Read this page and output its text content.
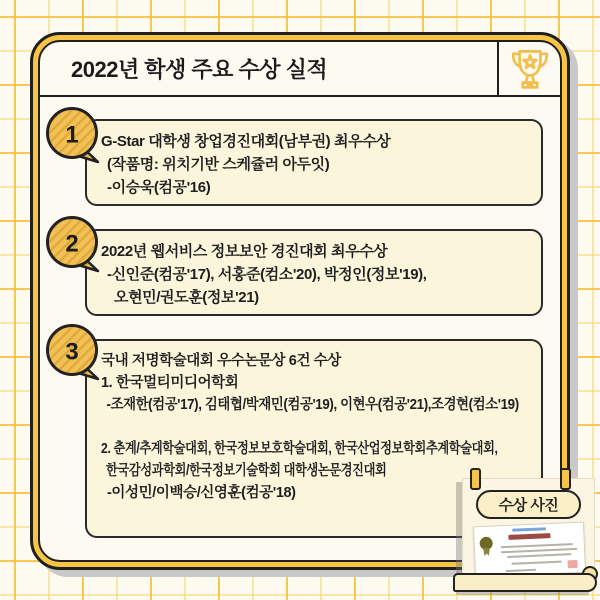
2022년 학생 주요 수상 실적
1 G-Star 대학생 창업경진대회(남부권) 최우수상
(작품명: 위치기반 스케쥴러 아두잇)
-이승욱(컴공'16)
2 2022년 웹서비스 정보보안 경진대회 최우수상
-신인준(컴공'17), 서홍준(컴소'20), 박정인(정보'19),
오현민/권도훈(정보'21)
3 국내 저명학술대회 우수논문상 6건 수상
1. 한국멀티미디어학회
-조재한(컴공'17), 김태협/박재민(컴공'19), 이현우(컴공'21),조경현(컴소'19)
2. 춘계/추계학술대회, 한국정보보호학술대회, 한국산업정보학회추계학술대회,
한국감성과학회/한국정보기술학회 대학생논문경진대회
-이성민/이백승/신영훈(컴공'18)
수상 사진
